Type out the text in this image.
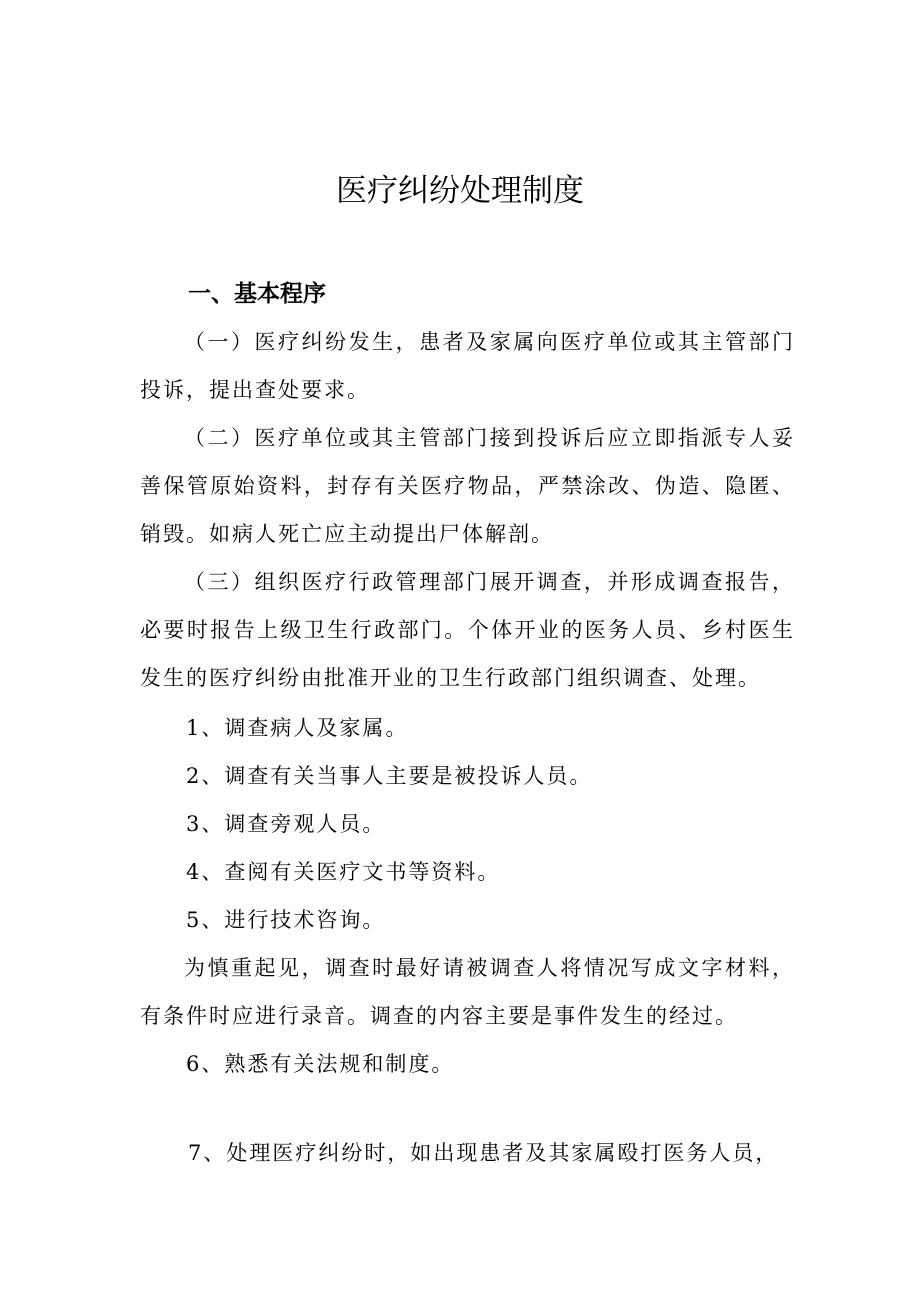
医疗纠纷处理制度
一、基本程序

（一）医疗纠纷发生，患者及家属向医疗单位或其主管部门投诉，提出查处要求。

（二）医疗单位或其主管部门接到投诉后应立即指派专人妥善保管原始资料，封存有关医疗物品，严禁涂改、伪造、隐匿、销毁。如病人死亡应主动提出尸体解剖。

（三）组织医疗行政管理部门展开调查，并形成调查报告，必要时报告上级卫生行政部门。个体开业的医务人员、乡村医生发生的医疗纠纷由批准开业的卫生行政部门组织调查、处理。

1、调查病人及家属。

2、调查有关当事人主要是被投诉人员。

3、调查旁观人员。

4、查阅有关医疗文书等资料。

5、进行技术咨询。

为慎重起见，调查时最好请被调查人将情况写成文字材料，有条件时应进行录音。调查的内容主要是事件发生的经过。

6、熟悉有关法规和制度。

7、处理医疗纠纷时，如出现患者及其家属殴打医务人员，
